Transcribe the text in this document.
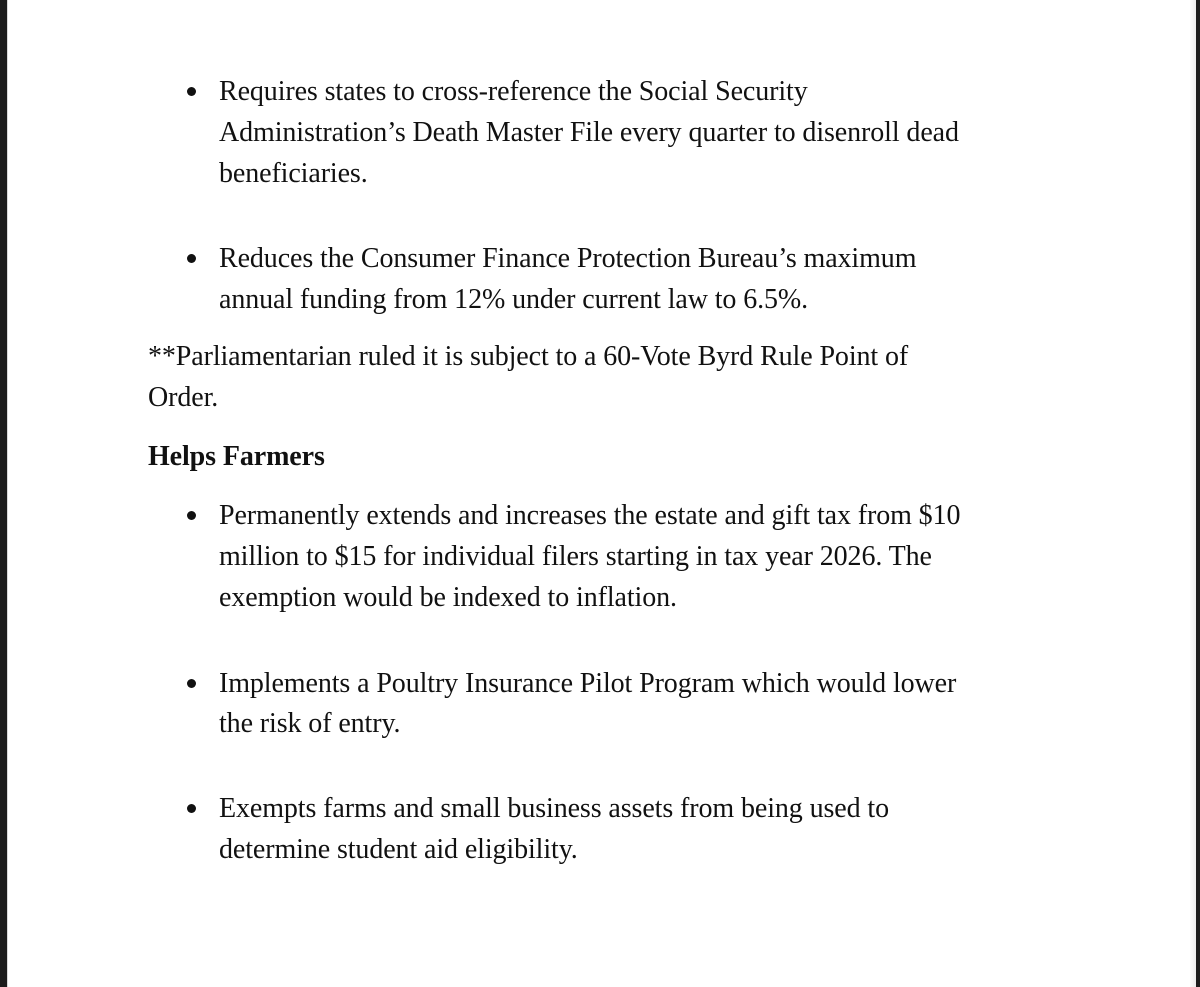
Requires states to cross-reference the Social Security
Administration’s Death Master File every quarter to disenroll dead
beneficiaries.
Reduces the Consumer Finance Protection Bureau’s maximum
annual funding from 12% under current law to 6.5%.
**Parliamentarian ruled it is subject to a 60-Vote Byrd Rule Point of
Order.
Helps Farmers
Permanently extends and increases the estate and gift tax from $10
million to $15 for individual filers starting in tax year 2026. The
exemption would be indexed to inflation.
Implements a Poultry Insurance Pilot Program which would lower
the risk of entry.
Exempts farms and small business assets from being used to
determine student aid eligibility.
